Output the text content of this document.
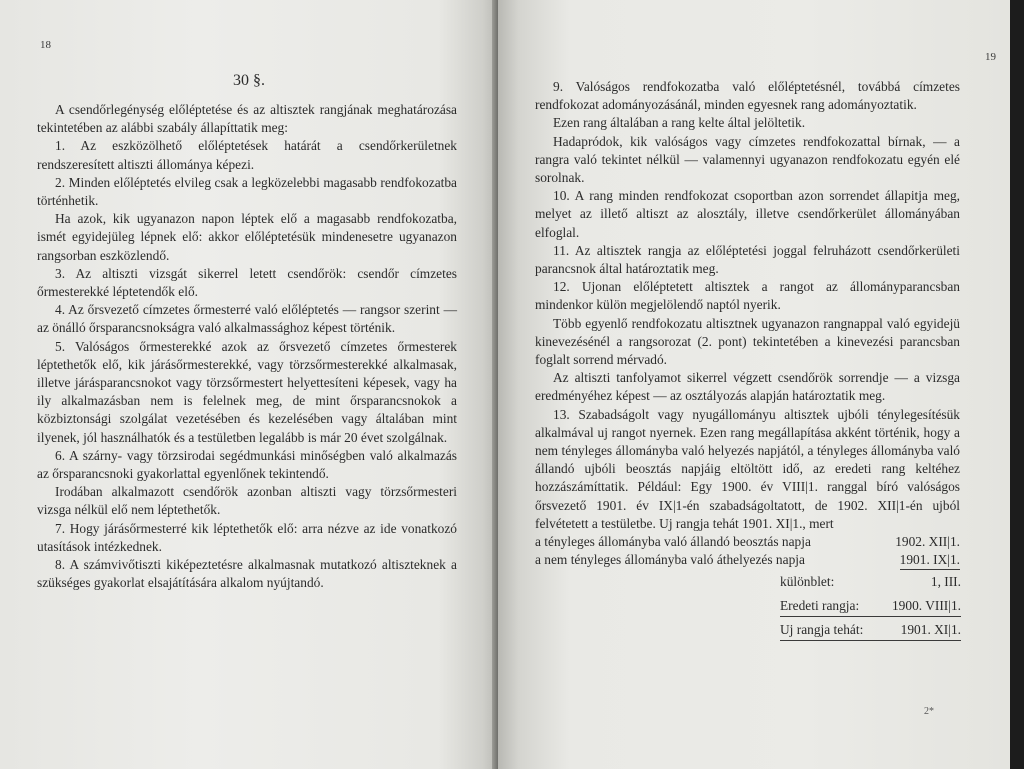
18
30 §.

A csendőrlegénység előléptetése és az altisztek rangjának meghatározása tekintetében az alábbi szabály állapíttatik meg:

1. Az eszközölhető előléptetések határát a csendőrkerületnek rendszeresített altiszti állománya képezi.

2. Minden előléptetés elvileg csak a legközelebbi magasabb rendfokozatba történhetik.

Ha azok, kik ugyanazon napon léptek elő a magasabb rendfokozatba, ismét egyidejüleg lépnek elő: akkor előléptetésük mindenesetre ugyanazon rangsorban eszközlendő.

3. Az altiszti vizsgát sikerrel letett csendőrök: csendőr címzetes őrmesterekké léptetendők elő.

4. Az őrsvezető címzetes őrmesterré való előléptetés — rangsor szerint — az önálló őrsparancsnokságra való alkalmassághoz képest történik.

5. Valóságos őrmesterekké azok az őrsvezető címzetes őrmesterek léptethetők elő, kik járásőrmesterekké, vagy törzsőrmesterekké alkalmasak, illetve járásparancsnokot vagy törzsőrmestert helyettesíteni képesek, vagy ha ily alkalmazásban nem is felelnek meg, de mint őrsparancsnokok a közbiztonsági szolgálat vezetésében és kezelésében vagy általában mint ilyenek, jól használhatók és a testületben legalább is már 20 évet szolgálnak.

6. A szárny- vagy törzsirodai segédmunkási minőségben való alkalmazás az őrsparancsnoki gyakorlattal egyenlőnek tekintendő.

Irodában alkalmazott csendőrök azonban altiszti vagy törzsőrmesteri vizsga nélkül elő nem léptethetők.

7. Hogy járásőrmesterré kik léptethetők elő: arra nézve az ide vonatkozó utasítások intézkednek.

8. A számvivőtiszti kiképeztetésre alkalmasnak mutatkozó altiszteknek a szükséges gyakorlat elsajátítására alkalom nyújtandó.

19

9. Valóságos rendfokozatba való előléptetésnél, továbbá címzetes rendfokozat adományozásánál, minden egyesnek rang adományoztatik.

Ezen rang általában a rang kelte által jelöltetik.

Hadapródok, kik valóságos vagy címzetes rendfokozattal bírnak, — a rangra való tekintet nélkül — valamennyi ugyanazon rendfokozatu egyén elé sorolnak.

10. A rang minden rendfokozat csoportban azon sorrendet állapitja meg, melyet az illető altiszt az alosztály, illetve csendőrkerület állományában elfoglal.

11. Az altisztek rangja az előléptetési joggal felruházott csendőrkerületi parancsnok által határoztatik meg.

12. Ujonan előléptetett altisztek a rangot az állományparancsban mindenkor külön megjelölendő naptól nyerik.

Több egyenlő rendfokozatu altisztnek ugyanazon rangnappal való egyidejü kinevezésénél a rangsorozat (2. pont) tekintetében a kinevezési parancsban foglalt sorrend mérvadó.

Az altiszti tanfolyamot sikerrel végzett csendőrök sorrendje — a vizsga eredményéhez képest — az osztályozás alapján határoztatik meg.

13. Szabadságolt vagy nyugállományu altisztek ujbóli ténylegesítésük alkalmával uj rangot nyernek. Ezen rang megállapítása akként történik, hogy a nem tényleges állományba való helyezés napjától, a tényleges állományba való állandó ujbóli beosztás napjáig eltöltött idő, az eredeti rang keltéhez hozzászámíttatik. Például: Egy 1900. év VIII|1. ranggal bíró valóságos őrsvezető 1901. év IX|1-én szabadságoltatott, de 1902. XII|1-én ujból felvétetett a testületbe. Uj rangja tehát 1901. XI|1., mert

a tényleges állományba való állandó beosztás napja	1902. XII|1.
a nem tényleges állományba való áthelyezés napja	1901. IX|1.
különblet:	1, III.
Eredeti rangja: 1900. VIII|1.
Uj rangja tehát:	1901. XI|1.
2*
